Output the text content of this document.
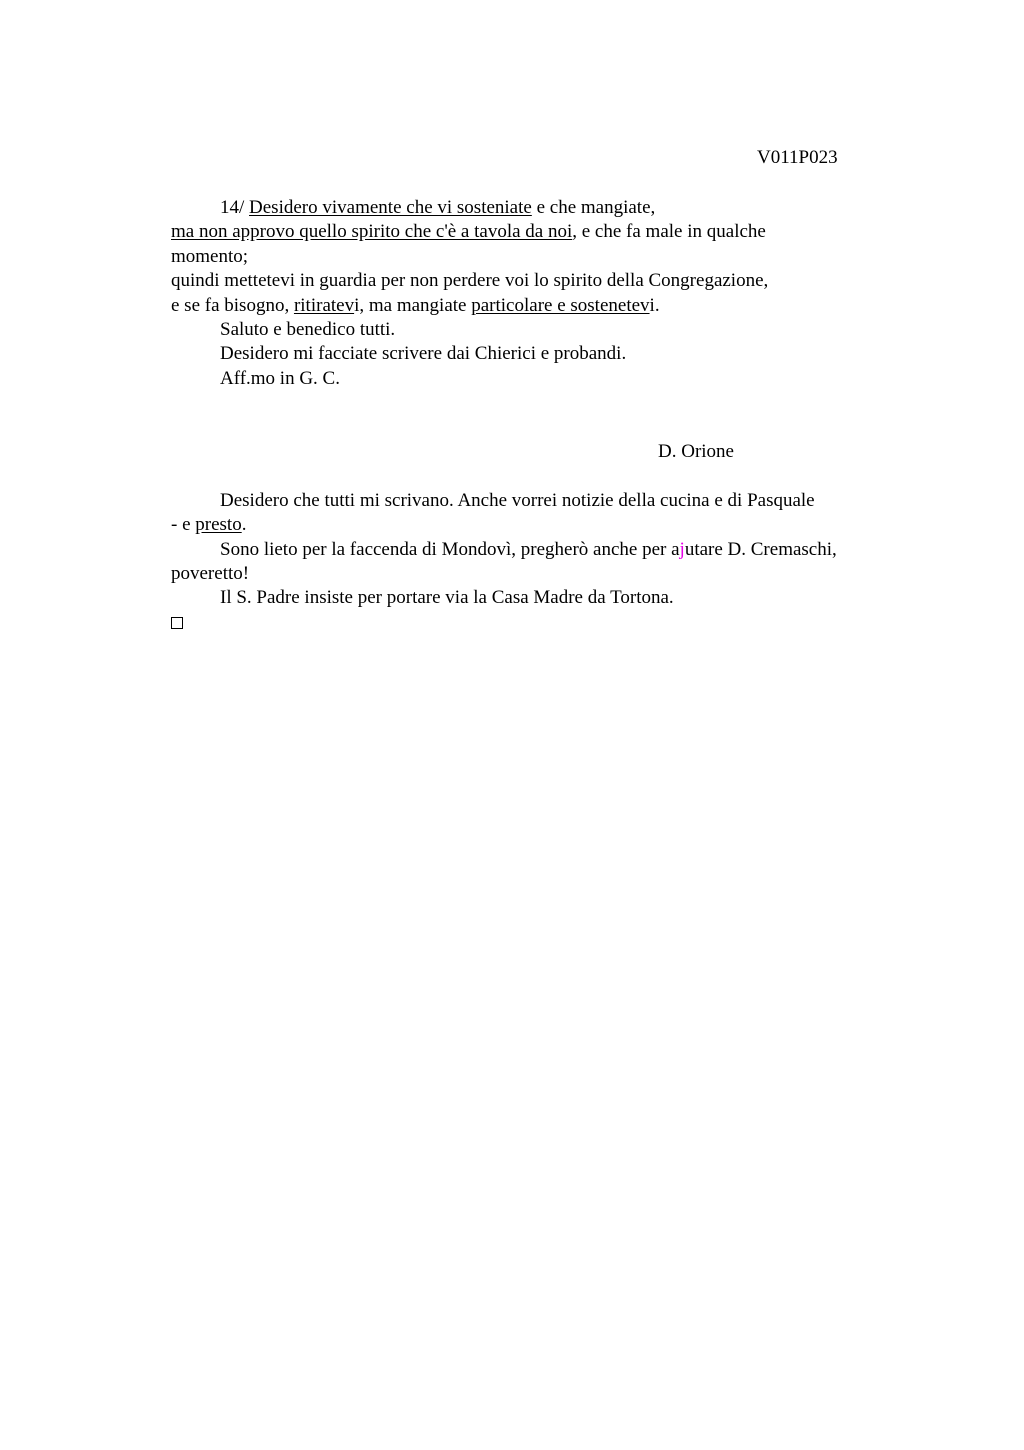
V011P023
14/ Desidero vivamente che vi sosteniate e che mangiate,
ma non approvo quello spirito che c'è a tavola da noi, e che fa male in qualche
momento;
quindi mettetevi in guardia per non perdere voi lo spirito della Congregazione,
e se fa bisogno, ritiratevi, ma mangiate particolare e sostenetevi.
Saluto e benedico tutti.
Desidero mi facciate scrivere dai Chierici e probandi.
Aff.mo in G. C.
D. Orione
Desidero che tutti mi scrivano. Anche vorrei notizie della cucina e di Pasquale
- e presto.
Sono lieto per la faccenda di Mondovì, pregherò anche per ajutare D. Cremaschi,
poveretto!
Il S. Padre insiste per portare via la Casa Madre da Tortona.
